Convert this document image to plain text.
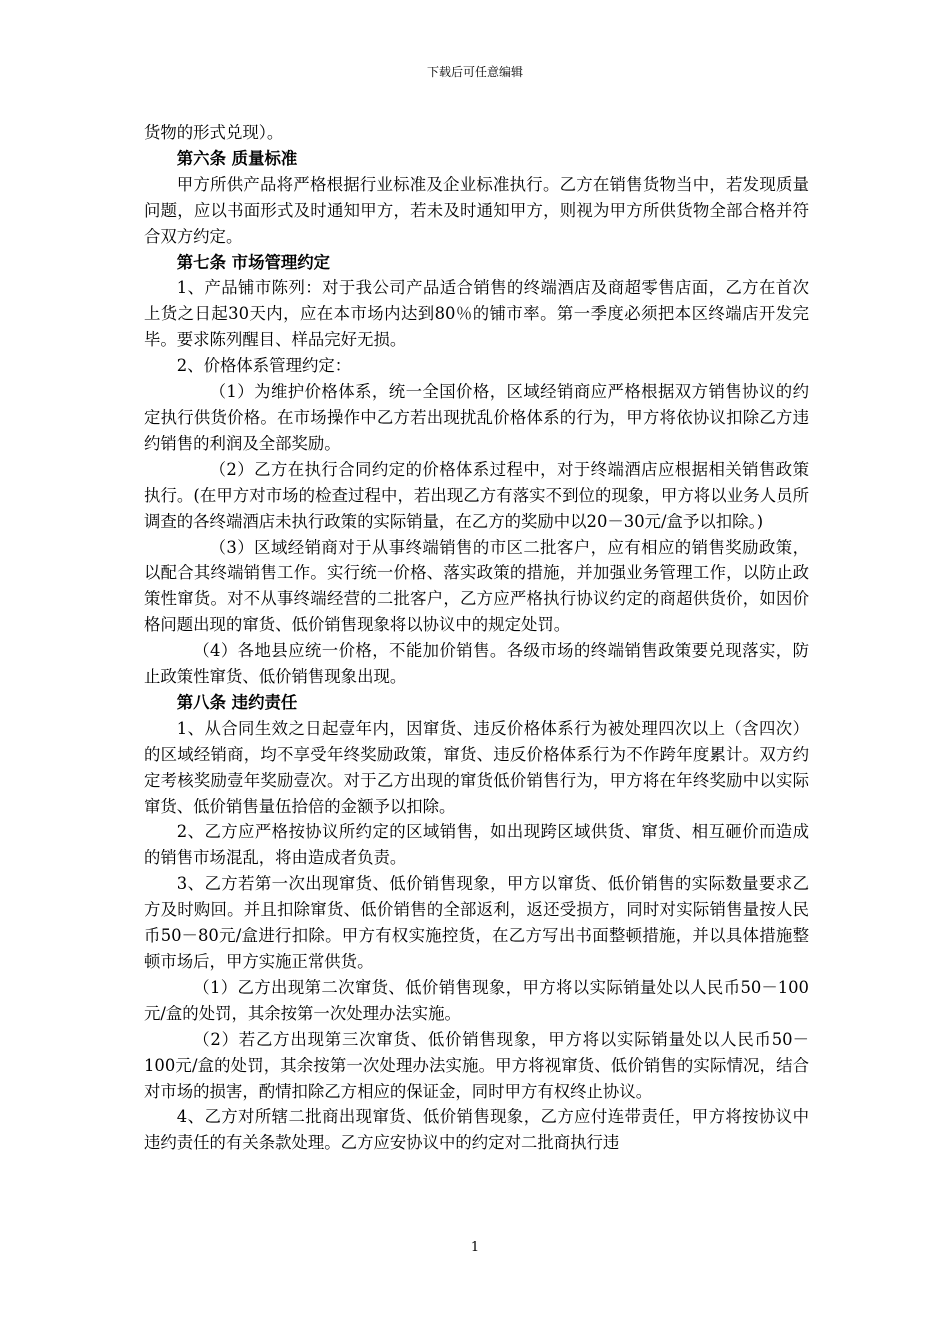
下载后可任意编辑

货物的形式兑现）。

第六条 质量标准

甲方所供产品将严格根据行业标准及企业标准执行。乙方在销售货物当中，若发现质量问题，应以书面形式及时通知甲方，若未及时通知甲方，则视为甲方所供货物全部合格并符合双方约定。

第七条 市场管理约定

1、产品铺市陈列：对于我公司产品适合销售的终端酒店及商超零售店面，乙方在首次上货之日起30天内，应在本市场内达到80％的铺市率。第一季度必须把本区终端店开发完毕。要求陈列醒目、样品完好无损。

2、价格体系管理约定：

（1）为维护价格体系，统一全国价格，区域经销商应严格根据双方销售协议的约定执行供货价格。在市场操作中乙方若出现扰乱价格体系的行为，甲方将依协议扣除乙方违约销售的利润及全部奖励。

（2）乙方在执行合同约定的价格体系过程中，对于终端酒店应根据相关销售政策执行。(在甲方对市场的检查过程中，若出现乙方有落实不到位的现象，甲方将以业务人员所调查的各终端酒店未执行政策的实际销量，在乙方的奖励中以20－30元/盒予以扣除。)

（3）区域经销商对于从事终端销售的市区二批客户，应有相应的销售奖励政策，以配合其终端销售工作。实行统一价格、落实政策的措施，并加强业务管理工作，以防止政策性窜货。对不从事终端经营的二批客户，乙方应严格执行协议约定的商超供货价，如因价格问题出现的窜货、低价销售现象将以协议中的规定处罚。

（4）各地县应统一价格，不能加价销售。各级市场的终端销售政策要兑现落实，防止政策性窜货、低价销售现象出现。

第八条 违约责任

1、从合同生效之日起壹年内，因窜货、违反价格体系行为被处理四次以上（含四次）的区域经销商，均不享受年终奖励政策，窜货、违反价格体系行为不作跨年度累计。双方约定考核奖励壹年奖励壹次。对于乙方出现的窜货低价销售行为，甲方将在年终奖励中以实际窜货、低价销售量伍拾倍的金额予以扣除。

2、乙方应严格按协议所约定的区域销售，如出现跨区域供货、窜货、相互砸价而造成的销售市场混乱，将由造成者负责。

3、乙方若第一次出现窜货、低价销售现象，甲方以窜货、低价销售的实际数量要求乙方及时购回。并且扣除窜货、低价销售的全部返利，返还受损方，同时对实际销售量按人民币50－80元/盒进行扣除。甲方有权实施控货，在乙方写出书面整顿措施，并以具体措施整顿市场后，甲方实施正常供货。

（1）乙方出现第二次窜货、低价销售现象，甲方将以实际销量处以人民币50－100元/盒的处罚，其余按第一次处理办法实施。

（2）若乙方出现第三次窜货、低价销售现象，甲方将以实际销量处以人民币50－100元/盒的处罚，其余按第一次处理办法实施。甲方将视窜货、低价销售的实际情况，结合对市场的损害，酌情扣除乙方相应的保证金，同时甲方有权终止协议。

4、乙方对所辖二批商出现窜货、低价销售现象，乙方应付连带责任，甲方将按协议中违约责任的有关条款处理。乙方应安协议中的约定对二批商执行违

1
